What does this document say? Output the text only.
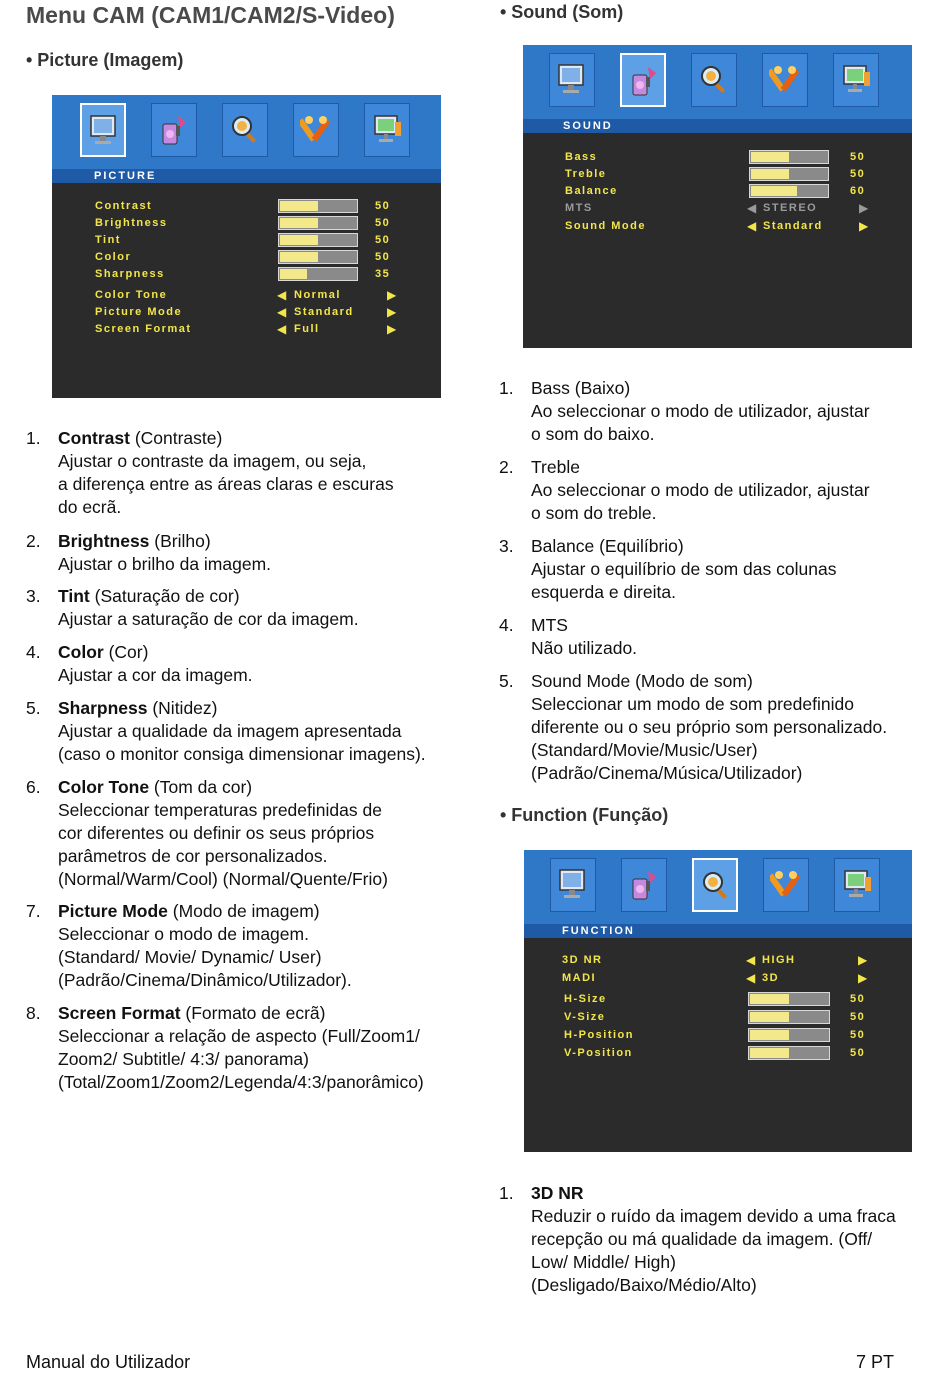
Menu CAM (CAM1/CAM2/S-Video)
• Picture (Imagem)
• Sound (Som)
• Function (Função)
PICTURE
Contrast	50
Brightness	50
Tint	50
Color	50
Sharpness	35
Color Tone	◀ Normal	▶
Picture Mode	◀ Standard	▶
Screen Format	◀ Full	▶
SOUND
Bass	50
Treble	50
Balance	60
MTS	◀ STEREO	▶
Sound Mode	◀ Standard	▶
.
FUNCTION
3D NR	◀ HIGH	▶
MADI	◀ 3D	▶
H-Size	50
V-Size	50
H-Position	50
V-Position	50
1. Contrast (Contraste)
Ajustar o contraste da imagem, ou seja,
a diferença entre as áreas claras e escuras
do ecrã.
2. Brightness (Brilho)
Ajustar o brilho da imagem.
3. Tint (Saturação de cor)
Ajustar a saturação de cor da imagem.
4. Color (Cor)
Ajustar a cor da imagem.
5. Sharpness (Nitidez)
Ajustar a qualidade da imagem apresentada
(caso o monitor consiga dimensionar imagens).
6. Color Tone (Tom da cor)
Seleccionar temperaturas predefinidas de
cor diferentes ou definir os seus próprios
parâmetros de cor personalizados.
(Normal/Warm/Cool) (Normal/Quente/Frio)
7. Picture Mode (Modo de imagem)
Seleccionar o modo de imagem.
(Standard/ Movie/ Dynamic/ User)
(Padrão/Cinema/Dinâmico/Utilizador).
8. Screen Format (Formato de ecrã)
Seleccionar a relação de aspecto (Full/Zoom1/
Zoom2/ Subtitle/ 4:3/ panorama)
(Total/Zoom1/Zoom2/Legenda/4:3/panorâmico)
1. Bass (Baixo)
Ao seleccionar o modo de utilizador, ajustar
o som do baixo.
2. Treble
Ao seleccionar o modo de utilizador, ajustar
o som do treble.
3. Balance (Equilíbrio)
Ajustar o equilíbrio de som das colunas
esquerda e direita.
4. MTS
Não utilizado.
5. Sound Mode (Modo de som)
Seleccionar um modo de som predefinido
diferente ou o seu próprio som personalizado.
(Standard/Movie/Music/User)
(Padrão/Cinema/Música/Utilizador)
1. 3D NR
Reduzir o ruído da imagem devido a uma fraca
recepção ou má qualidade da imagem. (Off/
Low/ Middle/ High)
(Desligado/Baixo/Médio/Alto)
Manual do Utilizador	7 PT
